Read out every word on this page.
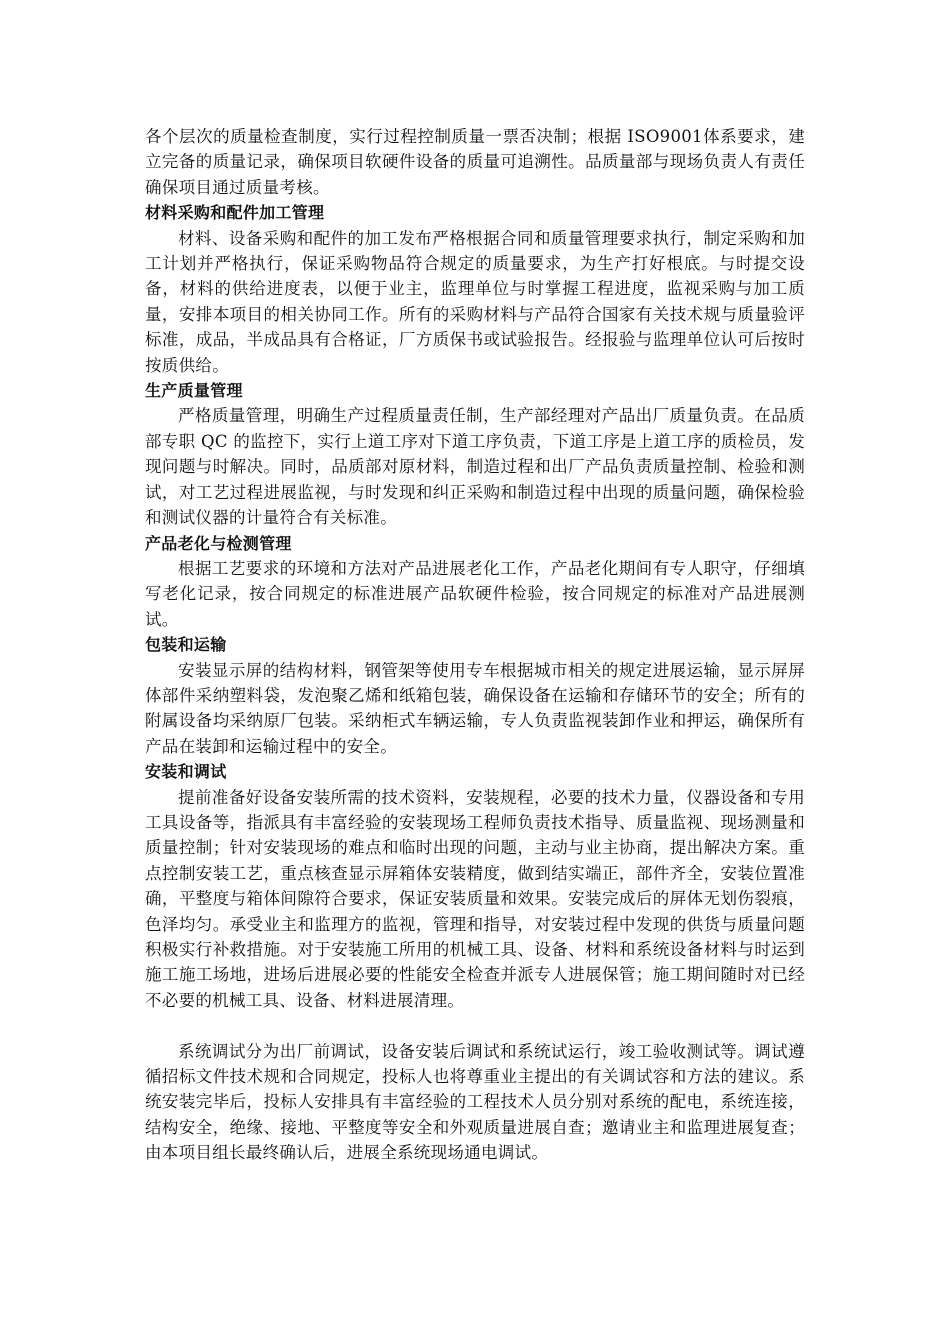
各个层次的质量检查制度，实行过程控制质量一票否决制；根据 ISO9001体系要求，建立完备的质量记录，确保项目软硬件设备的质量可追溯性。品质量部与现场负责人有责任确保项目通过质量考核。

材料采购和配件加工管理

材料、设备采购和配件的加工发布严格根据合同和质量管理要求执行，制定采购和加工计划并严格执行，保证采购物品符合规定的质量要求，为生产打好根底。与时提交设备，材料的供给进度表，以便于业主，监理单位与时掌握工程进度，监视采购与加工质量，安排本项目的相关协同工作。所有的采购材料与产品符合国家有关技术规与质量验评标准，成品，半成品具有合格证，厂方质保书或试验报告。经报验与监理单位认可后按时按质供给。

生产质量管理

严格质量管理，明确生产过程质量责任制，生产部经理对产品出厂质量负责。在品质部专职 QC 的监控下，实行上道工序对下道工序负责，下道工序是上道工序的质检员，发现问题与时解决。同时，品质部对原材料，制造过程和出厂产品负责质量控制、检验和测试，对工艺过程进展监视，与时发现和纠正采购和制造过程中出现的质量问题，确保检验和测试仪器的计量符合有关标准。

产品老化与检测管理

根据工艺要求的环境和方法对产品进展老化工作，产品老化期间有专人职守，仔细填写老化记录，按合同规定的标准进展产品软硬件检验，按合同规定的标准对产品进展测试。

包装和运输

安装显示屏的结构材料，钢管架等使用专车根据城市相关的规定进展运输，显示屏屏体部件采纳塑料袋，发泡聚乙烯和纸箱包装，确保设备在运输和存储环节的安全；所有的附属设备均采纳原厂包装。采纳柜式车辆运输，专人负责监视装卸作业和押运，确保所有产品在装卸和运输过程中的安全。

安装和调试

提前准备好设备安装所需的技术资料，安装规程，必要的技术力量，仪器设备和专用工具设备等，指派具有丰富经验的安装现场工程师负责技术指导、质量监视、现场测量和质量控制；针对安装现场的难点和临时出现的问题，主动与业主协商，提出解决方案。重点控制安装工艺，重点核查显示屏箱体安装精度，做到结实端正，部件齐全，安装位置准确，平整度与箱体间隙符合要求，保证安装质量和效果。安装完成后的屏体无划伤裂痕，色泽均匀。承受业主和监理方的监视，管理和指导，对安装过程中发现的供货与质量问题积极实行补救措施。对于安装施工所用的机械工具、设备、材料和系统设备材料与时运到施工施工场地，进场后进展必要的性能安全检查并派专人进展保管；施工期间随时对已经不必要的机械工具、设备、材料进展清理。

系统调试分为出厂前调试，设备安装后调试和系统试运行，竣工验收测试等。调试遵循招标文件技术规和合同规定，投标人也将尊重业主提出的有关调试容和方法的建议。系统安装完毕后，投标人安排具有丰富经验的工程技术人员分别对系统的配电，系统连接，结构安全，绝缘、接地、平整度等安全和外观质量进展自查；邀请业主和监理进展复查；由本项目组长最终确认后，进展全系统现场通电调试。
